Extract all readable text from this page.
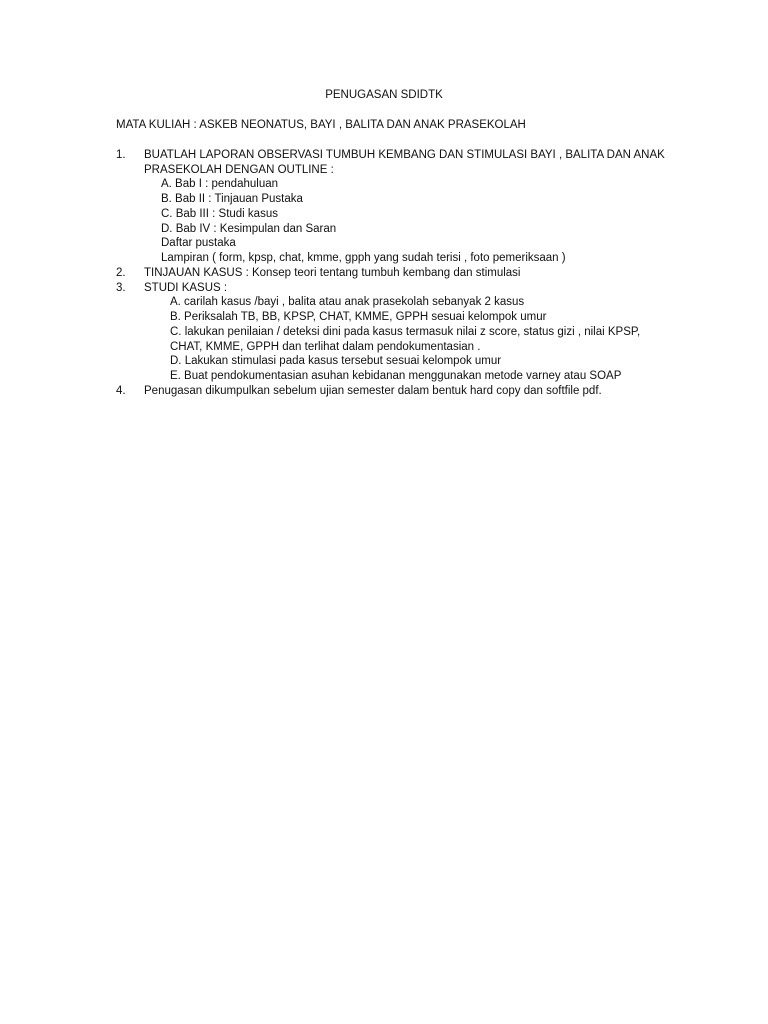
PENUGASAN SDIDTK
MATA KULIAH : ASKEB NEONATUS, BAYI , BALITA DAN ANAK PRASEKOLAH
1. BUATLAH LAPORAN OBSERVASI TUMBUH KEMBANG DAN STIMULASI BAYI , BALITA DAN ANAK
PRASEKOLAH DENGAN OUTLINE :
A. Bab I : pendahuluan
B. Bab II : Tinjauan Pustaka
C. Bab III : Studi kasus
D. Bab IV : Kesimpulan dan Saran
Daftar pustaka
Lampiran ( form, kpsp, chat, kmme, gpph yang sudah terisi , foto pemeriksaan )
2. TINJAUAN KASUS : Konsep teori tentang tumbuh kembang dan stimulasi
3. STUDI KASUS :
A. carilah kasus /bayi , balita atau anak prasekolah sebanyak 2 kasus
B. Periksalah TB, BB, KPSP, CHAT, KMME, GPPH sesuai kelompok umur
C. lakukan penilaian / deteksi dini pada kasus termasuk nilai z score, status gizi , nilai KPSP,
CHAT, KMME, GPPH dan terlihat dalam pendokumentasian .
D. Lakukan stimulasi pada kasus tersebut sesuai kelompok umur
E. Buat pendokumentasian asuhan kebidanan menggunakan metode varney atau SOAP
4. Penugasan dikumpulkan sebelum ujian semester dalam bentuk hard copy dan softfile pdf.
